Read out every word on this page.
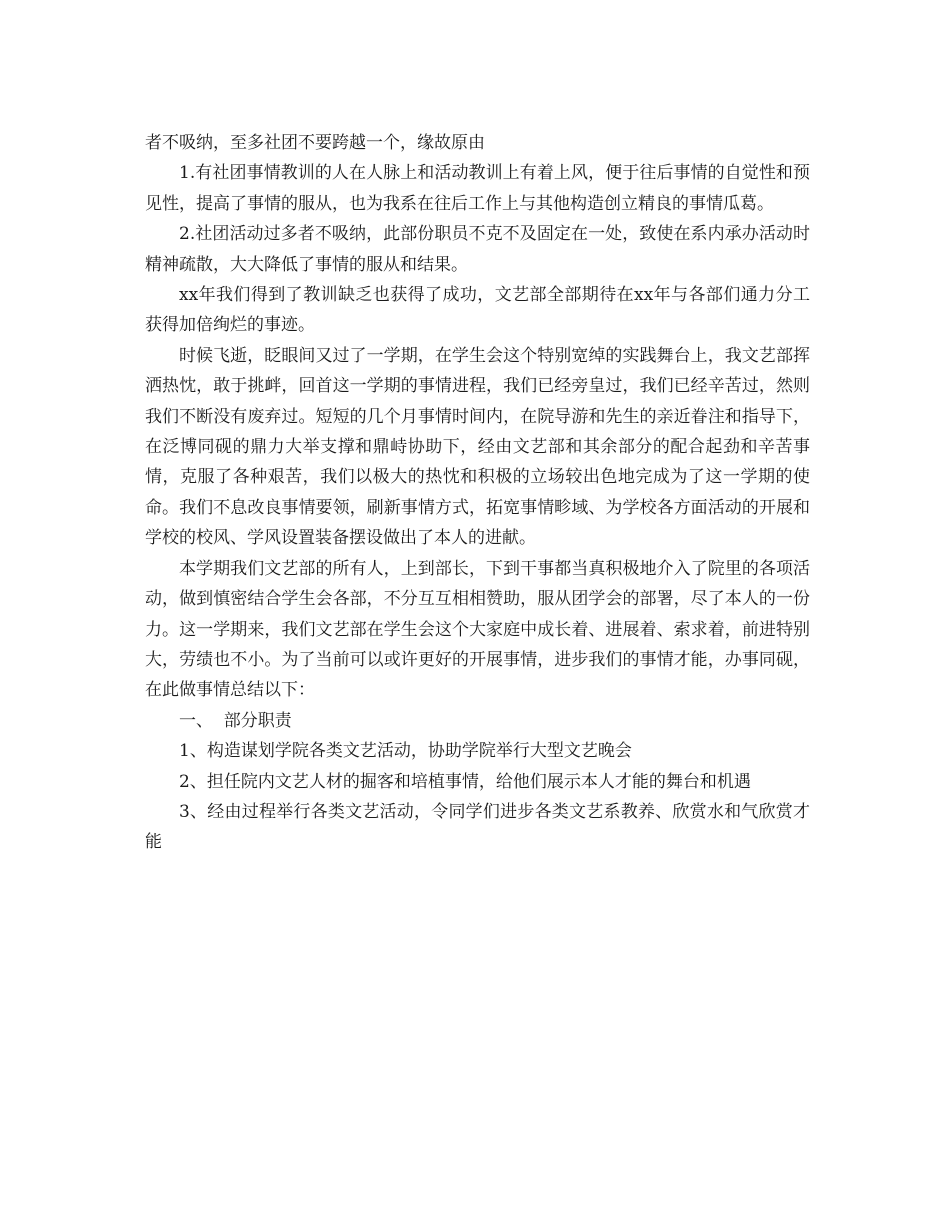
者不吸纳，至多社团不要跨越一个，缘故原由

1.有社团事情教训的人在人脉上和活动教训上有着上风，便于往后事情的自觉性和预见性，提高了事情的服从，也为我系在往后工作上与其他构造创立精良的事情瓜葛。

2.社团活动过多者不吸纳，此部份职员不克不及固定在一处，致使在系内承办活动时精神疏散，大大降低了事情的服从和结果。

xx年我们得到了教训缺乏也获得了成功，文艺部全部期待在xx年与各部们通力分工获得加倍绚烂的事迹。

时候飞逝，眨眼间又过了一学期，在学生会这个特别宽绰的实践舞台上，我文艺部挥洒热忱，敢于挑衅，回首这一学期的事情进程，我们已经旁皇过，我们已经辛苦过，然则我们不断没有废弃过。短短的几个月事情时间内，在院导游和先生的亲近眷注和指导下，在泛博同砚的鼎力大举支撑和鼎峙协助下，经由文艺部和其余部分的配合起劲和辛苦事情，克服了各种艰苦，我们以极大的热忱和积极的立场较出色地完成为了这一学期的使命。我们不息改良事情要领，刷新事情方式，拓宽事情畛域、为学校各方面活动的开展和学校的校风、学风设置装备摆设做出了本人的进献。

本学期我们文艺部的所有人，上到部长，下到干事都当真积极地介入了院里的各项活动，做到慎密结合学生会各部，不分互互相相赞助，服从团学会的部署，尽了本人的一份力。这一学期来，我们文艺部在学生会这个大家庭中成长着、进展着、索求着，前进特别大，劳绩也不小。为了当前可以或许更好的开展事情，进步我们的事情才能，办事同砚，在此做事情总结以下：

一、  部分职责

1、构造谋划学院各类文艺活动，协助学院举行大型文艺晚会

2、担任院内文艺人材的掘客和培植事情，给他们展示本人才能的舞台和机遇

3、经由过程举行各类文艺活动，令同学们进步各类文艺系教养、欣赏水和气欣赏才能
